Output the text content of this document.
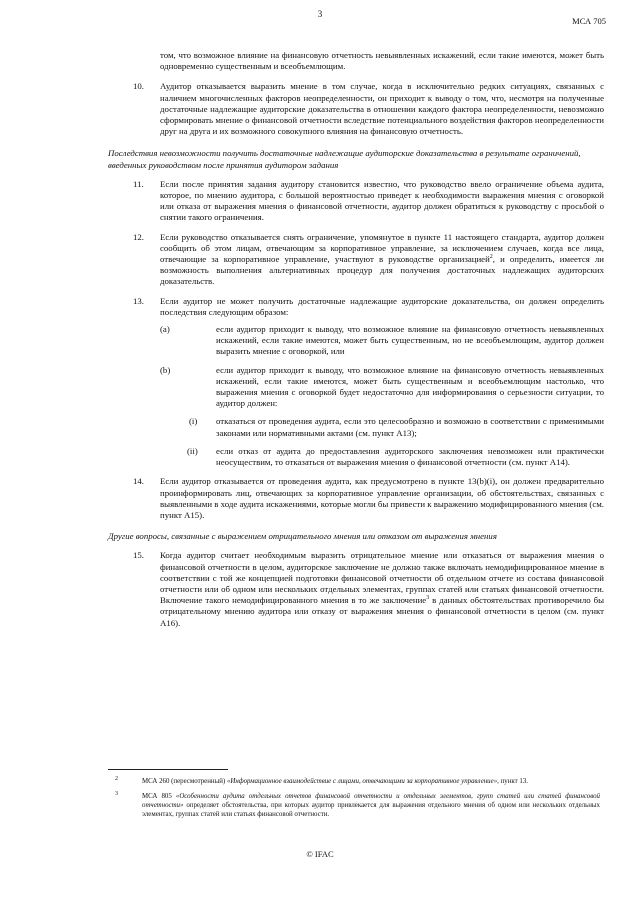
3
МСА 705
том, что возможное влияние на финансовую отчетность невыявленных искажений, если такие имеются, может быть одновременно существенным и всеобъемлющим.
10. Аудитор отказывается выразить мнение в том случае, когда в исключительно редких ситуациях, связанных с наличием многочисленных факторов неопределенности, он приходит к выводу о том, что, несмотря на полученные достаточные надлежащие аудиторские доказательства в отношении каждого фактора неопределенности, невозможно сформировать мнение о финансовой отчетности вследствие потенциального воздействия факторов неопределенности друг на друга и их возможного совокупного влияния на финансовую отчетность.
Последствия невозможности получить достаточные надлежащие аудиторские доказательства в результате ограничений, введенных руководством после принятия аудитором задания
11. Если после принятия задания аудитору становится известно, что руководство ввело ограничение объема аудита, которое, по мнению аудитора, с большой вероятностью приведет к необходимости выражения мнения с оговоркой или отказа от выражения мнения о финансовой отчетности, аудитор должен обратиться к руководству с просьбой о снятии такого ограничения.
12. Если руководство отказывается снять ограничение, упомянутое в пункте 11 настоящего стандарта, аудитор должен сообщить об этом лицам, отвечающим за корпоративное управление, за исключением случаев, когда все лица, отвечающие за корпоративное управление, участвуют в руководстве организацией$^2$, и определить, имеется ли возможность выполнения альтернативных процедур для получения достаточных надлежащих аудиторских доказательств.
13. Если аудитор не может получить достаточные надлежащие аудиторские доказательства, он должен определить последствия следующим образом:
(a)	если аудитор приходит к выводу, что возможное влияние на финансовую отчетность невыявленных искажений, если такие имеются, может быть существенным, но не всеобъемлющим, аудитор должен выразить мнение с оговоркой, или
(b)	если аудитор приходит к выводу, что возможное влияние на финансовую отчетность невыявленных искажений, если такие имеются, может быть существенным и всеобъемлющим настолько, что выражения мнения с оговоркой будет недостаточно для информирования о серьезности ситуации, то аудитор должен:
(i) отказаться от проведения аудита, если это целесообразно и возможно в соответствии с применимыми законами или нормативными актами (см. пункт A13);
(ii) если отказ от аудита до предоставления аудиторского заключения невозможен или практически неосуществим, то отказаться от выражения мнения о финансовой отчетности (см. пункт A14).
14. Если аудитор отказывается от проведения аудита, как предусмотрено в пункте 13(b)(i), он должен предварительно проинформировать лиц, отвечающих за корпоративное управление организации, об обстоятельствах, связанных с выявленными в ходе аудита искажениями, которые могли бы привести к выражению модифицированного мнения (см. пункт A15).
Другие вопросы, связанные с выражением отрицательного мнения или отказом от выражения мнения
15. Когда аудитор считает необходимым выразить отрицательное мнение или отказаться от выражения мнения о финансовой отчетности в целом, аудиторское заключение не должно также включать немодифицированное мнение в соответствии с той же концепцией подготовки финансовой отчетности об отдельном отчете из состава финансовой отчетности или об одном или нескольких отдельных элементах, группах статей или статьях финансовой отчетности. Включение такого немодифицированного мнения в то же заключение$^3$ в данных обстоятельствах противоречило бы отрицательному мнению аудитора или отказу от выражения мнения о финансовой отчетности в целом (см. пункт A16).
2	МСА 260 (пересмотренный) «Информационное взаимодействие с лицами, отвечающими за корпоративное управление», пункт 13.
3	МСА 805 «Особенности аудита отдельных отчетов финансовой отчетности и отдельных элементов, групп статей или статей финансовой отчетности» определяет обстоятельства, при которых аудитор привлекается для выражения отдельного мнения об одном или нескольких отдельных элементах, группах статей или статьях финансовой отчетности.
© IFAC
